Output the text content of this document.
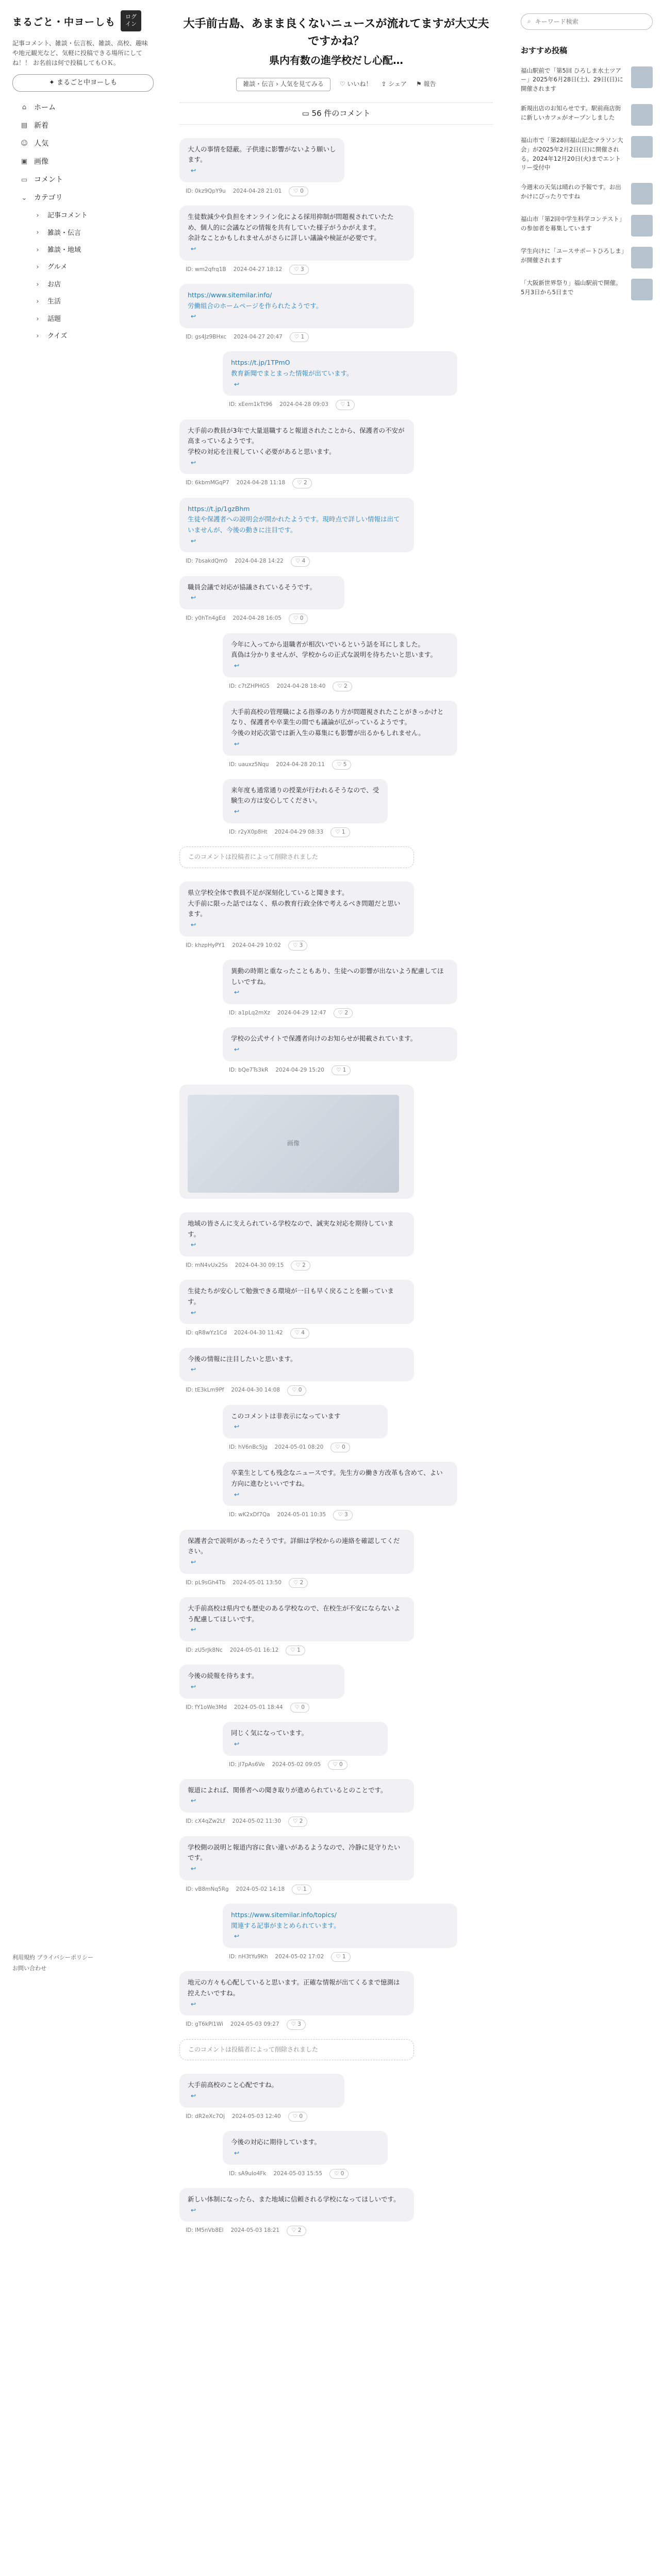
まるごと・中ヨーしも	ログイン

記事コメント、雑談・伝言板、雑談、高校、趣味や地元観光など、気軽に投稿できる場所にしてね！！ お名前は何で投稿してもＯＫ。

✦ まるごと中ヨーしも
⌂	ホーム
▤ 新着
☺ 人気
▣ 画像
▭ コメント
⌄ カテゴリ
›	記事コメント
›	雑談・伝言
›	雑談・地域
›	グルメ
›	お店
›	生活
›	話題
›	クイズ
利用規約 プライバシーポリシー
お問い合わせ
大手前古島、あまま良くないニュースが流れてますが大丈夫ですかね？
県内有数の進学校だし心配…
雑談・伝言 › 人気を見てみる	♡ いいね！ ⇪ シェア ⚑ 報告
▭ 56 件のコメント
大人の事情を隠蔽。子供達に影響がないよう願いします。
↩
ID: 0kz9QpY9u 2024-04-28 21:01	♡ 0
生徒数減少や負担をオンライン化による採用抑制が問題視されていたため、個人的に会議などの情報を共有していた様子がうかがえます。
余計なことかもしれませんがさらに詳しい議論や検証が必要です。
↩
ID: wm2qfrq1B 2024-04-27 18:12	♡ 3
https://www.sitemilar.info/
労働組合のホームページを作られたようです。
↩
ID: gs4Jz9BHxc 2024-04-27 20:47	♡ 1
https://t.jp/1TPmO
教育新聞でまとまった情報が出ています。
↩
ID: xEem1kTt96 2024-04-28 09:03	♡ 1
大手前の教員が3年で大量退職すると報道されたことから、保護者の不安が高まっているようです。
学校の対応を注視していく必要があると思います。
↩
ID: 6kbmMGqP7 2024-04-28 11:18	♡ 2
https://t.jp/1gzBhm
生徒や保護者への説明会が開かれたようです。現時点で詳しい情報は出ていませんが、今後の動きに注目です。
↩
ID: 7bsakdQm0 2024-04-28 14:22	♡ 4
職員会議で対応が協議されているそうです。
↩
ID: y0hTn4gEd 2024-04-28 16:05	♡ 0
今年に入ってから退職者が相次いでいるという話を耳にしました。
真偽は分かりませんが、学校からの正式な説明を待ちたいと思います。
↩
ID: c7tZHPHG5 2024-04-28 18:40	♡ 2
大手前高校の管理職による指導のあり方が問題視されたことがきっかけとなり、保護者や卒業生の間でも議論が広がっているようです。
今後の対応次第では新入生の募集にも影響が出るかもしれません。
↩
ID: uauxz5Nqu 2024-04-28 20:11	♡ 5
来年度も通常通りの授業が行われるそうなので、受験生の方は安心してください。
↩
ID: r2yX0p8Ht 2024-04-29 08:33	♡ 1
このコメントは投稿者によって削除されました
県立学校全体で教員不足が深刻化していると聞きます。
大手前に限った話ではなく、県の教育行政全体で考えるべき問題だと思います。
↩
ID: khzpHyPY1 2024-04-29 10:02	♡ 3
異動の時期と重なったこともあり、生徒への影響が出ないよう配慮してほしいですね。
↩
ID: a1pLq2mXz 2024-04-29 12:47	♡ 2
学校の公式サイトで保護者向けのお知らせが掲載されています。
↩
ID: bQe7Ts3kR 2024-04-29 15:20	♡ 1
画像
地域の皆さんに支えられている学校なので、誠実な対応を期待しています。
↩
ID: mN4vUx2Ss 2024-04-30 09:15	♡ 2
生徒たちが安心して勉強できる環境が一日も早く戻ることを願っています。
↩
ID: qR8wYz1Cd 2024-04-30 11:42	♡ 4
今後の情報に注目したいと思います。
↩
ID: tE3kLm9Pf 2024-04-30 14:08	♡ 0
このコメントは非表示になっています
↩
ID: hV6nBc5Jg 2024-05-01 08:20	♡ 0
卒業生としても残念なニュースです。先生方の働き方改革も含めて、よい方向に進むといいですね。
↩
ID: wK2xDf7Qa 2024-05-01 10:35	♡ 3
保護者会で説明があったそうです。詳細は学校からの連絡を確認してください。
↩
ID: pL9sGh4Tb 2024-05-01 13:50	♡ 2
大手前高校は県内でも歴史のある学校なので、在校生が不安にならないよう配慮してほしいです。
↩
ID: zU5rJk8Nc 2024-05-01 16:12	♡ 1
今後の続報を待ちます。
↩
ID: fY1oWe3Md 2024-05-01 18:44	♡ 0
同じく気になっています。
↩
ID: jI7pAs6Ve 2024-05-02 09:05	♡ 0
報道によれば、関係者への聞き取りが進められているとのことです。
↩
ID: cX4qZw2Lf 2024-05-02 11:30	♡ 2
学校側の説明と報道内容に食い違いがあるようなので、冷静に見守りたいです。
↩
ID: vB8mNq5Rg 2024-05-02 14:18	♡ 1
https://www.sitemilar.info/topics/
関連する記事がまとめられています。
↩
ID: nH3tYu9Kh 2024-05-02 17:02	♡ 1
地元の方々も心配していると思います。正確な情報が出てくるまで憶測は控えたいですね。
↩
ID: gT6kPl1Wi 2024-05-03 09:27	♡ 3
このコメントは投稿者によって削除されました
大手前高校のこと心配ですね。
↩
ID: dR2eXc7Oj 2024-05-03 12:40	♡ 0
今後の対応に期待しています。
↩
ID: sA9uIo4Fk 2024-05-03 15:55	♡ 0
新しい体制になったら、また地域に信頼される学校になってほしいです。
↩
ID: lM5nVb8El 2024-05-03 18:21	♡ 2
⌕
キーワード検索
おすすめ投稿
福山駅前で「第5回 ひろしま水土ツアー」2025年6月28日(土)、29日(日)に開催されます
新規出店のお知らせです。駅前商店街に新しいカフェがオープンしました
福山市で「第28回福山記念マラソン大会」が2025年2月2日(日)に開催される。2024年12月20日(火)までエントリー受付中
今週末の天気は晴れの予報です。お出かけにぴったりですね
福山市「第2回中学生科学コンテスト」の参加者を募集しています
学生向けに「ユースサポートひろしま」が開催されます
「大阪新世界祭り」福山駅前で開催。5月3日から5日まで
